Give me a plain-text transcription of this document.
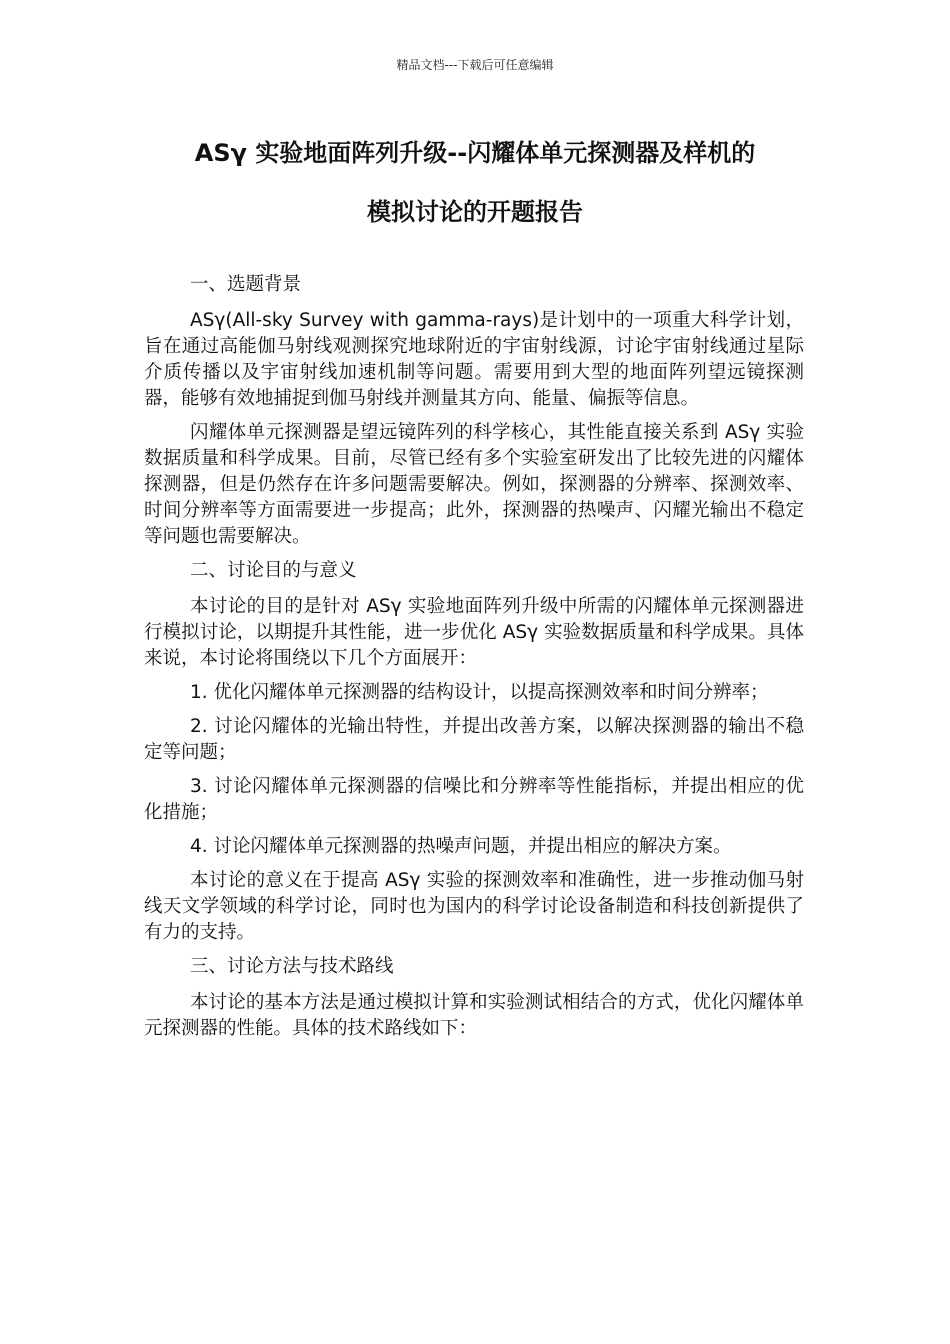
精品文档---下载后可任意编辑
ASγ 实验地面阵列升级--闪耀体单元探测器及样机的
模拟讨论的开题报告

一、选题背景

ASγ(All-sky Survey with gamma-rays)是计划中的一项重大科学计划，旨在通过高能伽马射线观测探究地球附近的宇宙射线源，讨论宇宙射线通过星际介质传播以及宇宙射线加速机制等问题。需要用到大型的地面阵列望远镜探测器，能够有效地捕捉到伽马射线并测量其方向、能量、偏振等信息。

闪耀体单元探测器是望远镜阵列的科学核心，其性能直接关系到 ASγ 实验数据质量和科学成果。目前，尽管已经有多个实验室研发出了比较先进的闪耀体探测器，但是仍然存在许多问题需要解决。例如，探测器的分辨率、探测效率、时间分辨率等方面需要进一步提高；此外，探测器的热噪声、闪耀光输出不稳定等问题也需要解决。

二、讨论目的与意义

本讨论的目的是针对 ASγ 实验地面阵列升级中所需的闪耀体单元探测器进行模拟讨论，以期提升其性能，进一步优化 ASγ 实验数据质量和科学成果。具体来说，本讨论将围绕以下几个方面展开：

1. 优化闪耀体单元探测器的结构设计，以提高探测效率和时间分辨率；

2. 讨论闪耀体的光输出特性，并提出改善方案，以解决探测器的输出不稳定等问题；

3. 讨论闪耀体单元探测器的信噪比和分辨率等性能指标，并提出相应的优化措施；

4. 讨论闪耀体单元探测器的热噪声问题，并提出相应的解决方案。

本讨论的意义在于提高 ASγ 实验的探测效率和准确性，进一步推动伽马射线天文学领域的科学讨论，同时也为国内的科学讨论设备制造和科技创新提供了有力的支持。

三、讨论方法与技术路线

本讨论的基本方法是通过模拟计算和实验测试相结合的方式，优化闪耀体单元探测器的性能。具体的技术路线如下：
